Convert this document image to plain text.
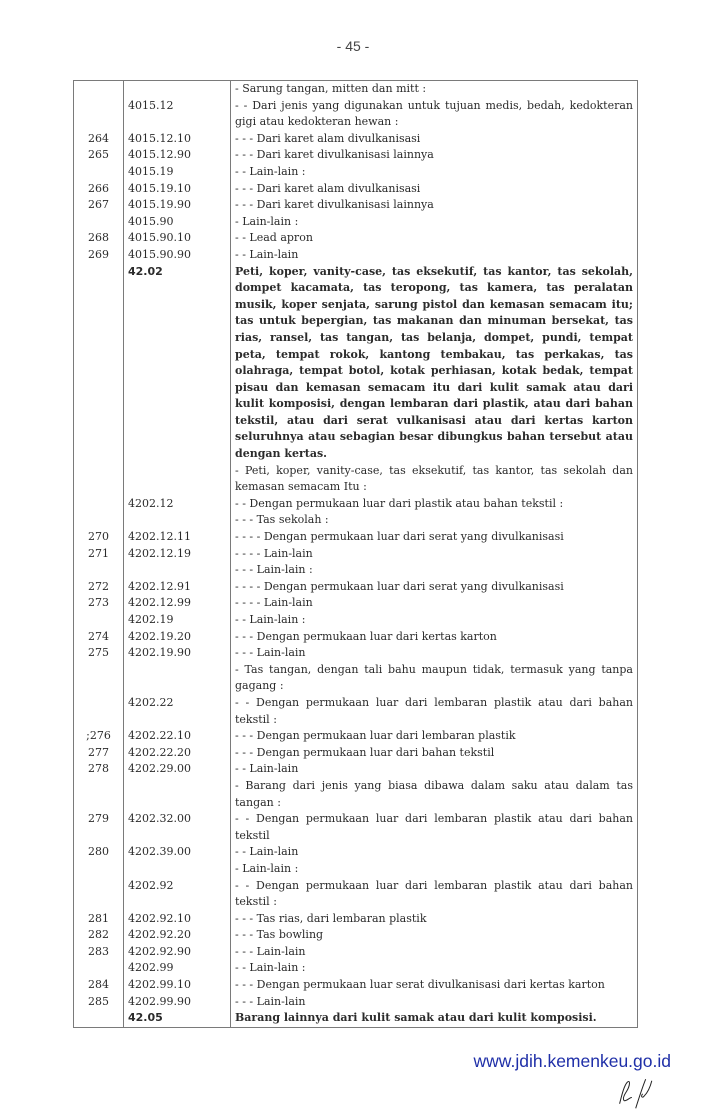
- 45 -
		- Sarung tangan, mitten dan mitt :
	4015.12	- - Dari jenis yang digunakan untuk tujuan medis, bedah, kedokteran gigi atau kedokteran hewan :
264	4015.12.10	- - - Dari karet alam divulkanisasi
265	4015.12.90	- - - Dari karet divulkanisasi lainnya
	4015.19	- - Lain-lain :
266	4015.19.10	- - - Dari karet alam divulkanisasi
267	4015.19.90	- - - Dari karet divulkanisasi lainnya
	4015.90	- Lain-lain :
268	4015.90.10	- - Lead apron
269	4015.90.90	- - Lain-lain
	42.02	Peti, koper, vanity-case, tas eksekutif, tas kantor, tas sekolah, dompet kacamata, tas teropong, tas kamera, tas peralatan musik, koper senjata, sarung pistol dan kemasan semacam itu; tas untuk bepergian, tas makanan dan minuman bersekat, tas rias, ransel, tas tangan, tas belanja, dompet, pundi, tempat peta, tempat rokok, kantong tembakau, tas perkakas, tas olahraga, tempat botol, kotak perhiasan, kotak bedak, tempat pisau dan kemasan semacam itu dari kulit samak atau dari kulit komposisi, dengan lembaran dari plastik, atau dari bahan tekstil, atau dari serat vulkanisasi atau dari kertas karton seluruhnya atau sebagian besar dibungkus bahan tersebut atau dengan kertas.
		- Peti, koper, vanity-case, tas eksekutif, tas kantor, tas sekolah dan kemasan semacam Itu :
	4202.12	- - Dengan permukaan luar dari plastik atau bahan tekstil :
		- - - Tas sekolah :
270	4202.12.11	- - - - Dengan permukaan luar dari serat yang divulkanisasi
271	4202.12.19	- - - - Lain-lain
		- - - Lain-lain :
272	4202.12.91	- - - - Dengan permukaan luar dari serat yang divulkanisasi
273	4202.12.99	- - - - Lain-lain
	4202.19	- - Lain-lain :
274	4202.19.20	- - - Dengan permukaan luar dari kertas karton
275	4202.19.90	- - - Lain-lain
		- Tas tangan, dengan tali bahu maupun tidak, termasuk yang tanpa gagang :
	4202.22	- - Dengan permukaan luar dari lembaran plastik atau dari bahan tekstil :
;276	4202.22.10	- - - Dengan permukaan luar dari lembaran plastik
277	4202.22.20	- - - Dengan permukaan luar dari bahan tekstil
278	4202.29.00	- - Lain-lain
		- Barang dari jenis yang biasa dibawa dalam saku atau dalam tas tangan :
279	4202.32.00	- - Dengan permukaan luar dari lembaran plastik atau dari bahan tekstil
280	4202.39.00	- - Lain-lain
		- Lain-lain :
	4202.92	- - Dengan permukaan luar dari lembaran plastik atau dari bahan tekstil :
281	4202.92.10	- - - Tas rias, dari lembaran plastik
282	4202.92.20	- - - Tas bowling
283	4202.92.90	- - - Lain-lain
	4202.99	- - Lain-lain :
284	4202.99.10	- - - Dengan permukaan luar serat divulkanisasi dari kertas karton
285	4202.99.90	- - - Lain-lain
	42.05	Barang lainnya dari kulit samak atau dari kulit komposisi.
www.jdih.kemenkeu.go.id
